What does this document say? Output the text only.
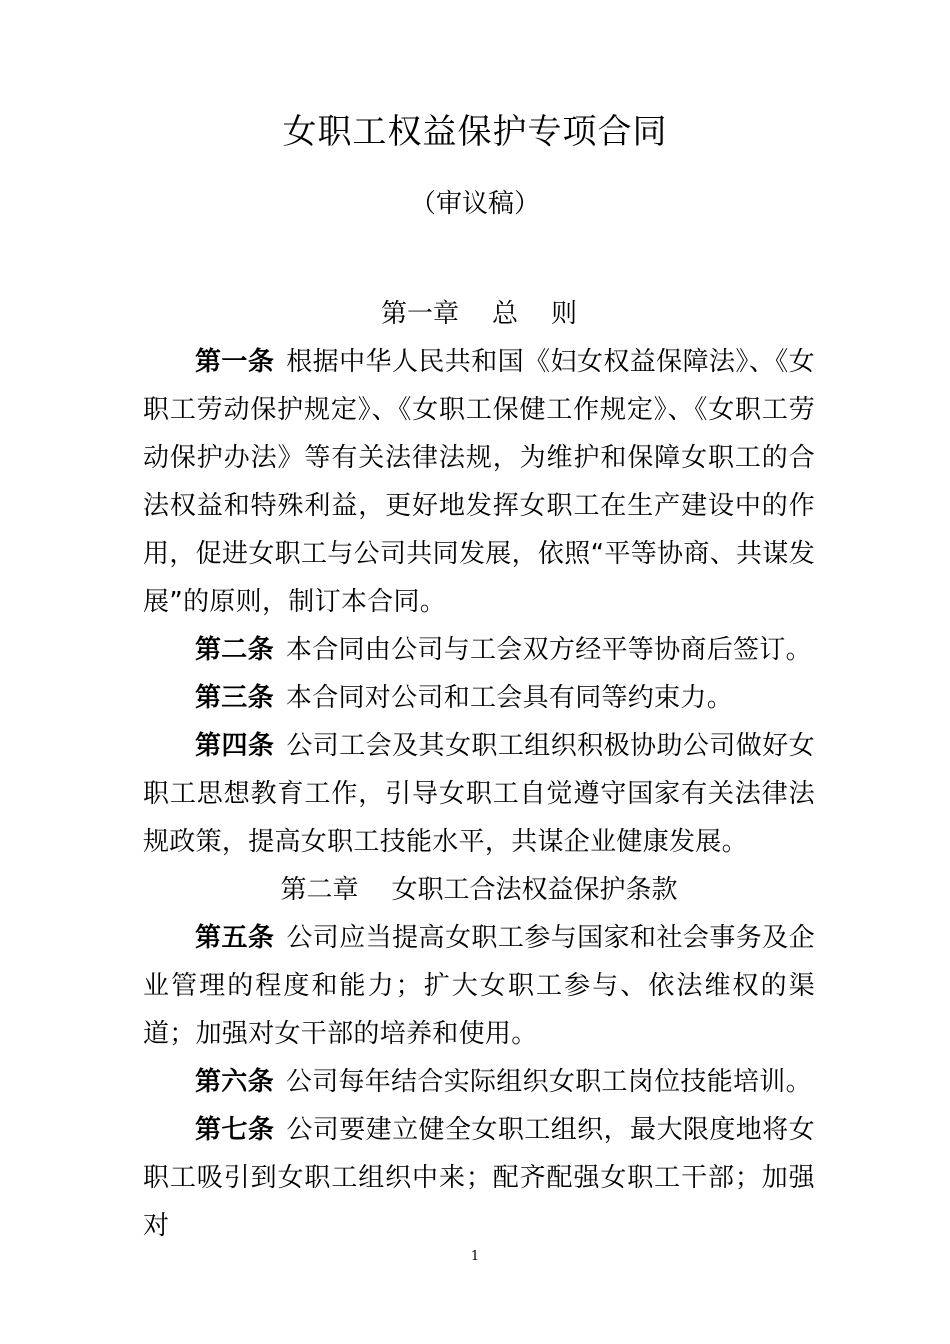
女职工权益保护专项合同
（审议稿）

第一章    总    则

第一条 根据中华人民共和国《妇女权益保障法》、《女职工劳动保护规定》、《女职工保健工作规定》、《女职工劳动保护办法》等有关法律法规，为维护和保障女职工的合法权益和特殊利益，更好地发挥女职工在生产建设中的作用，促进女职工与公司共同发展，依照“平等协商、共谋发展”的原则，制订本合同。

第二条 本合同由公司与工会双方经平等协商后签订。

第三条 本合同对公司和工会具有同等约束力。

第四条 公司工会及其女职工组织积极协助公司做好女职工思想教育工作，引导女职工自觉遵守国家有关法律法规政策，提高女职工技能水平，共谋企业健康发展。

第二章    女职工合法权益保护条款

第五条 公司应当提高女职工参与国家和社会事务及企业管理的程度和能力；扩大女职工参与、依法维权的渠道；加强对女干部的培养和使用。

第六条 公司每年结合实际组织女职工岗位技能培训。

第七条 公司要建立健全女职工组织，最大限度地将女职工吸引到女职工组织中来；配齐配强女职工干部；加强对

1
